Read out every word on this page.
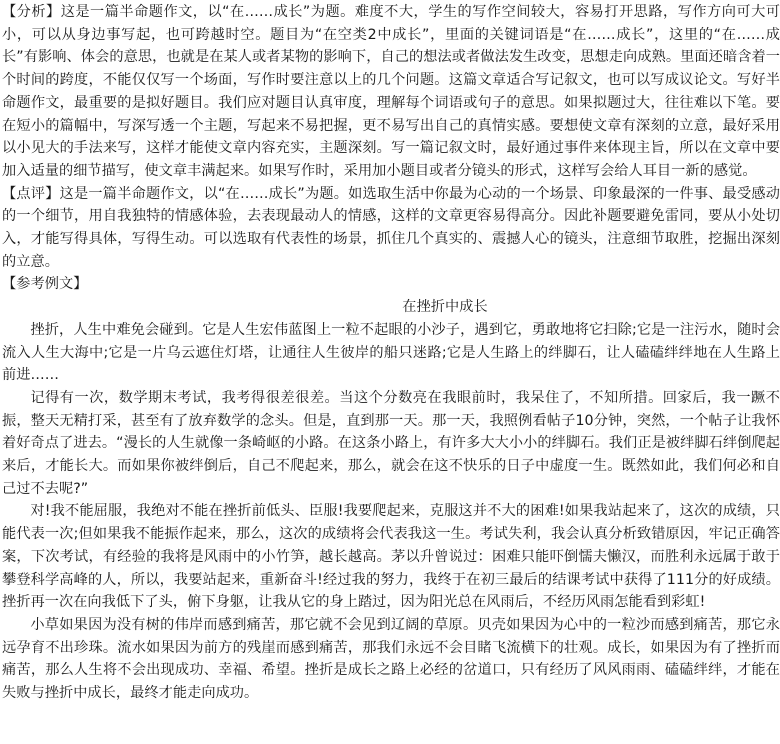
【分析】这是一篇半命题作文，以“在……成长”为题。难度不大，学生的写作空间较大，容易打开思路，写作方向可大可小，可以从身边事写起，也可跨越时空。题目为“在空类2中成长”，里面的关键词语是“在……成长”，这里的“在……成长”有影响、体会的意思，也就是在某人或者某物的影响下，自己的想法或者做法发生改变，思想走向成熟。里面还暗含着一个时间的跨度，不能仅仅写一个场面，写作时要注意以上的几个问题。这篇文章适合写记叙文，也可以写成议论文。写好半命题作文，最重要的是拟好题目。我们应对题目认真审度，理解每个词语或句子的意思。如果拟题过大，往往难以下笔。要在短小的篇幅中，写深写透一个主题，写起来不易把握，更不易写出自己的真情实感。要想使文章有深刻的立意，最好采用以小见大的手法来写，这样才能使文章内容充实，主题深刻。写一篇记叙文时，最好通过事件来体现主旨，所以在文章中要加入适量的细节描写，使文章丰满起来。如果写作时，采用加小题目或者分镜头的形式，这样写会给人耳目一新的感觉。

【点评】这是一篇半命题作文，以“在……成长”为题。如选取生活中你最为心动的一个场景、印象最深的一件事、最受感动的一个细节，用自我独特的情感体验，去表现最动人的情感，这样的文章更容易得高分。因此补题要避免雷同，要从小处切入，才能写得具体，写得生动。可以选取有代表性的场景，抓住几个真实的、震撼人心的镜头，注意细节取胜，挖掘出深刻的立意。

【参考例文】

在挫折中成长

挫折，人生中难免会碰到。它是人生宏伟蓝图上一粒不起眼的小沙子，遇到它，勇敢地将它扫除;它是一注污水，随时会流入人生大海中;它是一片乌云遮住灯塔，让通往人生彼岸的船只迷路;它是人生路上的绊脚石，让人磕磕绊绊地在人生路上前进……

记得有一次，数学期末考试，我考得很差很差。当这个分数亮在我眼前时，我呆住了，不知所措。回家后，我一蹶不振，整天无精打采，甚至有了放弃数学的念头。但是，直到那一天。那一天，我照例看帖子10分钟，突然，一个帖子让我怀着好奇点了进去。“漫长的人生就像一条崎岖的小路。在这条小路上，有许多大大小小的绊脚石。我们正是被绊脚石绊倒爬起来后，才能长大。而如果你被绊倒后，自己不爬起来，那么，就会在这不快乐的日子中虚度一生。既然如此，我们何必和自己过不去呢?”

对!我不能屈服，我绝对不能在挫折前低头、臣服!我要爬起来，克服这并不大的困难!如果我站起来了，这次的成绩，只能代表一次;但如果我不能振作起来，那么，这次的成绩将会代表我这一生。考试失利，我会认真分析致错原因，牢记正确答案，下次考试，有经验的我将是风雨中的小竹笋，越长越高。茅以升曾说过：困难只能吓倒懦夫懒汉，而胜利永远属于敢于攀登科学高峰的人，所以，我要站起来，重新奋斗!经过我的努力，我终于在初三最后的结课考试中获得了111分的好成绩。挫折再一次在向我低下了头，俯下身躯，让我从它的身上踏过，因为阳光总在风雨后，不经历风雨怎能看到彩虹!

小草如果因为没有树的伟岸而感到痛苦，那它就不会见到辽阔的草原。贝壳如果因为心中的一粒沙而感到痛苦，那它永远孕育不出珍珠。流水如果因为前方的残崖而感到痛苦，那我们永远不会目睹飞流横下的壮观。成长，如果因为有了挫折而痛苦，那么人生将不会出现成功、幸福、希望。挫折是成长之路上必经的岔道口，只有经历了风风雨雨、磕磕绊绊，才能在失败与挫折中成长，最终才能走向成功。
